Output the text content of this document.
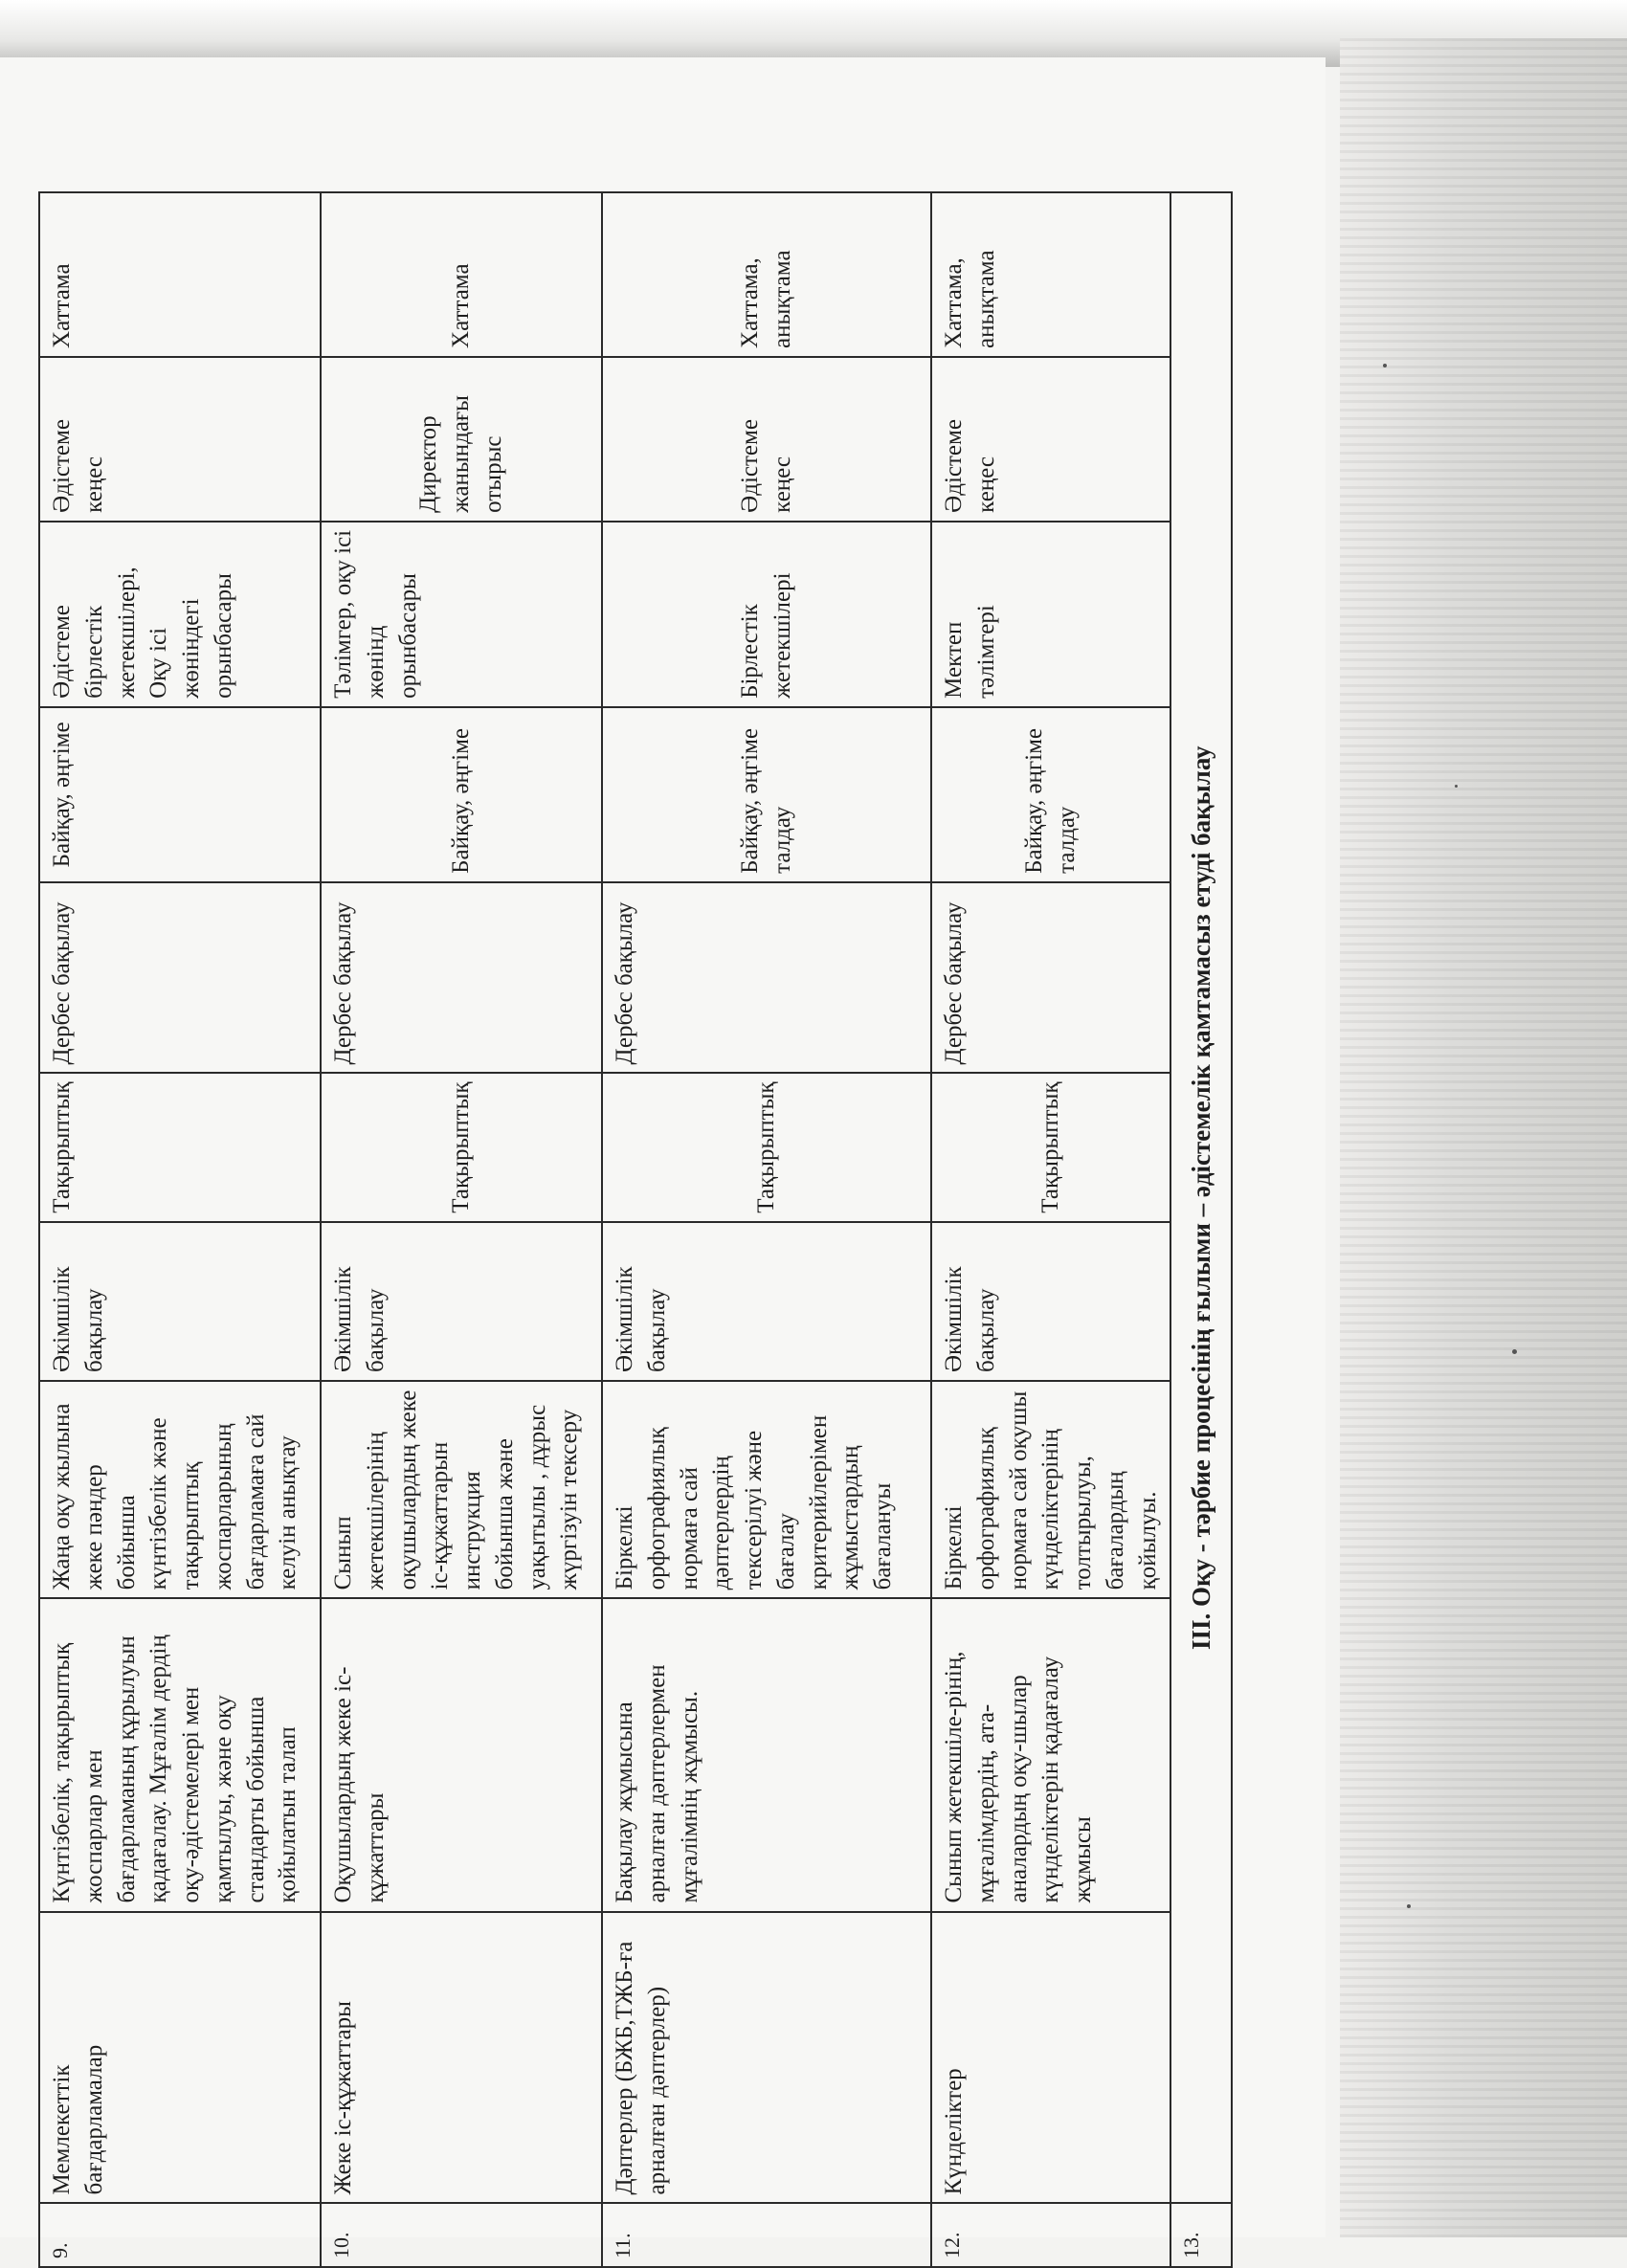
9.	Мемлекеттік бағдарламалар	Күнтізбелік, тақырыптық жоспарлар мен бағдарламаның құрылуын қадағалау. Мұғалім дердің оқу-әдістемелері мен қамтылуы, және оқу стандарты бойынша қойылатын талап	Жаңа оқу жылына жеке пәндер бойынша күнтізбелік және тақырыптық жоспарларының бағдарламаға сай келуін анықтау	Әкімшілік бақылау	Тақырыптық	Дербес бақылау	Байқау, әңгіме	Әдістеме бірлестік жетекшілері, Оқу ісі жөніндегі орынбасары	Әдістеме кеңес	Хаттама
10.	Жеке іс-құжаттары	Оқушылардың жеке іс-құжаттары	Сынып жетекшілерінің оқушылардың жеке іс-құжаттарын инструкция бойынша және уақытылы , дұрыс жүргізуін тексеру	Әкімшілік бақылау	Тақырыптық	Дербес бақылау	Байқау, әңгіме	Тәлімгер, оқу ісі жөнінд орынбасары	Директор жанындағы отырыс	Хаттама
11.	Дәптерлер (БЖБ,ТЖБ-ға арналған дәптерлер)	Бақылау жұмысына арналған дәптерлермен мұғалімнің жұмысы.	Біркелкі орфографиялық нормаға сай дәптерлердің тексерілуі және бағалау критерийлерімен жұмыстардың бағалануы	Әкімшілік бақылау	Тақырыптық	Дербес бақылау	Байқау, әңгіме талдау	Бірлестік жетекшілері	Әдістеме кеңес	Хаттама, анықтама
12.	Күнделіктер	Сынып жетекшіле-рінің, мұғалімдердің, ата-аналардың оқу-шылар күнделіктерін қадағалау жұмысы	Біркелкі орфографиялық нормаға сай оқушы күнделіктерінің толтырылуы, бағалардың қойылуы.	Әкімшілік бақылау	Тақырыптық	Дербес бақылау	Байқау, әңгіме талдау	Мектеп тәлімгері	Әдістеме кеңес	Хаттама, анықтама
13.	ІІІ. Оқу - тәрбие процесінің ғылыми – әдістемелік қамтамасыз етуді бақылау									
